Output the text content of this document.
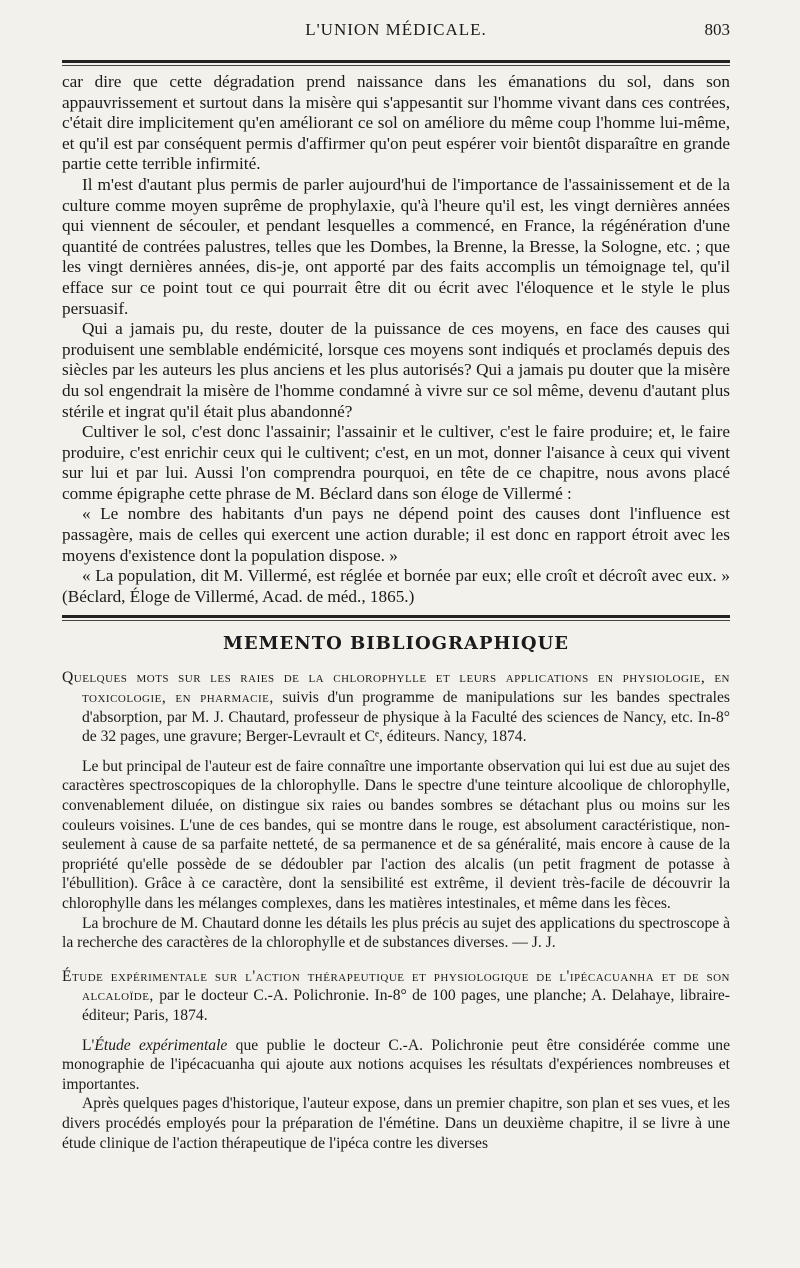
L'UNION MÉDICALE.	803

car dire que cette dégradation prend naissance dans les émanations du sol, dans son appauvrissement et surtout dans la misère qui s'appesantit sur l'homme vivant dans ces contrées, c'était dire implicitement qu'en améliorant ce sol on améliore du même coup l'homme lui-même, et qu'il est par conséquent permis d'affirmer qu'on peut espérer voir bientôt disparaître en grande partie cette terrible infirmité.

Il m'est d'autant plus permis de parler aujourd'hui de l'importance de l'assainissement et de la culture comme moyen suprême de prophylaxie, qu'à l'heure qu'il est, les vingt dernières années qui viennent de sécouler, et pendant lesquelles a commencé, en France, la régénération d'une quantité de contrées palustres, telles que les Dombes, la Brenne, la Bresse, la Sologne, etc. ; que les vingt dernières années, dis-je, ont apporté par des faits accomplis un témoignage tel, qu'il efface sur ce point tout ce qui pourrait être dit ou écrit avec l'éloquence et le style le plus persuasif.

Qui a jamais pu, du reste, douter de la puissance de ces moyens, en face des causes qui produisent une semblable endémicité, lorsque ces moyens sont indiqués et proclamés depuis des siècles par les auteurs les plus anciens et les plus autorisés? Qui a jamais pu douter que la misère du sol engendrait la misère de l'homme condamné à vivre sur ce sol même, devenu d'autant plus stérile et ingrat qu'il était plus abandonné?

Cultiver le sol, c'est donc l'assainir; l'assainir et le cultiver, c'est le faire produire; et, le faire produire, c'est enrichir ceux qui le cultivent; c'est, en un mot, donner l'aisance à ceux qui vivent sur lui et par lui. Aussi l'on comprendra pourquoi, en tête de ce chapitre, nous avons placé comme épigraphe cette phrase de M. Béclard dans son éloge de Villermé :

« Le nombre des habitants d'un pays ne dépend point des causes dont l'influence est passagère, mais de celles qui exercent une action durable; il est donc en rapport étroit avec les moyens d'existence dont la population dispose. »

« La population, dit M. Villermé, est réglée et bornée par eux; elle croît et décroît avec eux. » (Béclard, Éloge de Villermé, Acad. de méd., 1865.)

MEMENTO BIBLIOGRAPHIQUE
Quelques mots sur les raies de la chlorophylle et leurs applications en physiologie, en toxicologie, en pharmacie, suivis d'un programme de manipulations sur les bandes spectrales d'absorption, par M. J. Chautard, professeur de physique à la Faculté des sciences de Nancy, etc. In-8° de 32 pages, une gravure; Berger-Levrault et Cᵉ, éditeurs. Nancy, 1874.

Le but principal de l'auteur est de faire connaître une importante observation qui lui est due au sujet des caractères spectroscopiques de la chlorophylle. Dans le spectre d'une teinture alcoolique de chlorophylle, convenablement diluée, on distingue six raies ou bandes sombres se détachant plus ou moins sur les couleurs voisines. L'une de ces bandes, qui se montre dans le rouge, est absolument caractéristique, non-seulement à cause de sa parfaite netteté, de sa permanence et de sa généralité, mais encore à cause de la propriété qu'elle possède de se dédoubler par l'action des alcalis (un petit fragment de potasse à l'ébullition). Grâce à ce caractère, dont la sensibilité est extrême, il devient très-facile de découvrir la chlorophylle dans les mélanges complexes, dans les matières intestinales, et même dans les fèces.

La brochure de M. Chautard donne les détails les plus précis au sujet des applications du spectroscope à la recherche des caractères de la chlorophylle et de substances diverses. — J. J.

Étude expérimentale sur l'action thérapeutique et physiologique de l'ipécacuanha et de son alcaloïde, par le docteur C.-A. Polichronie. In-8° de 100 pages, une planche; A. Delahaye, libraire-éditeur; Paris, 1874.

L'Étude expérimentale que publie le docteur C.-A. Polichronie peut être considérée comme une monographie de l'ipécacuanha qui ajoute aux notions acquises les résultats d'expériences nombreuses et importantes.

Après quelques pages d'historique, l'auteur expose, dans un premier chapitre, son plan et ses vues, et les divers procédés employés pour la préparation de l'émétine. Dans un deuxième chapitre, il se livre à une étude clinique de l'action thérapeutique de l'ipéca contre les diverses
